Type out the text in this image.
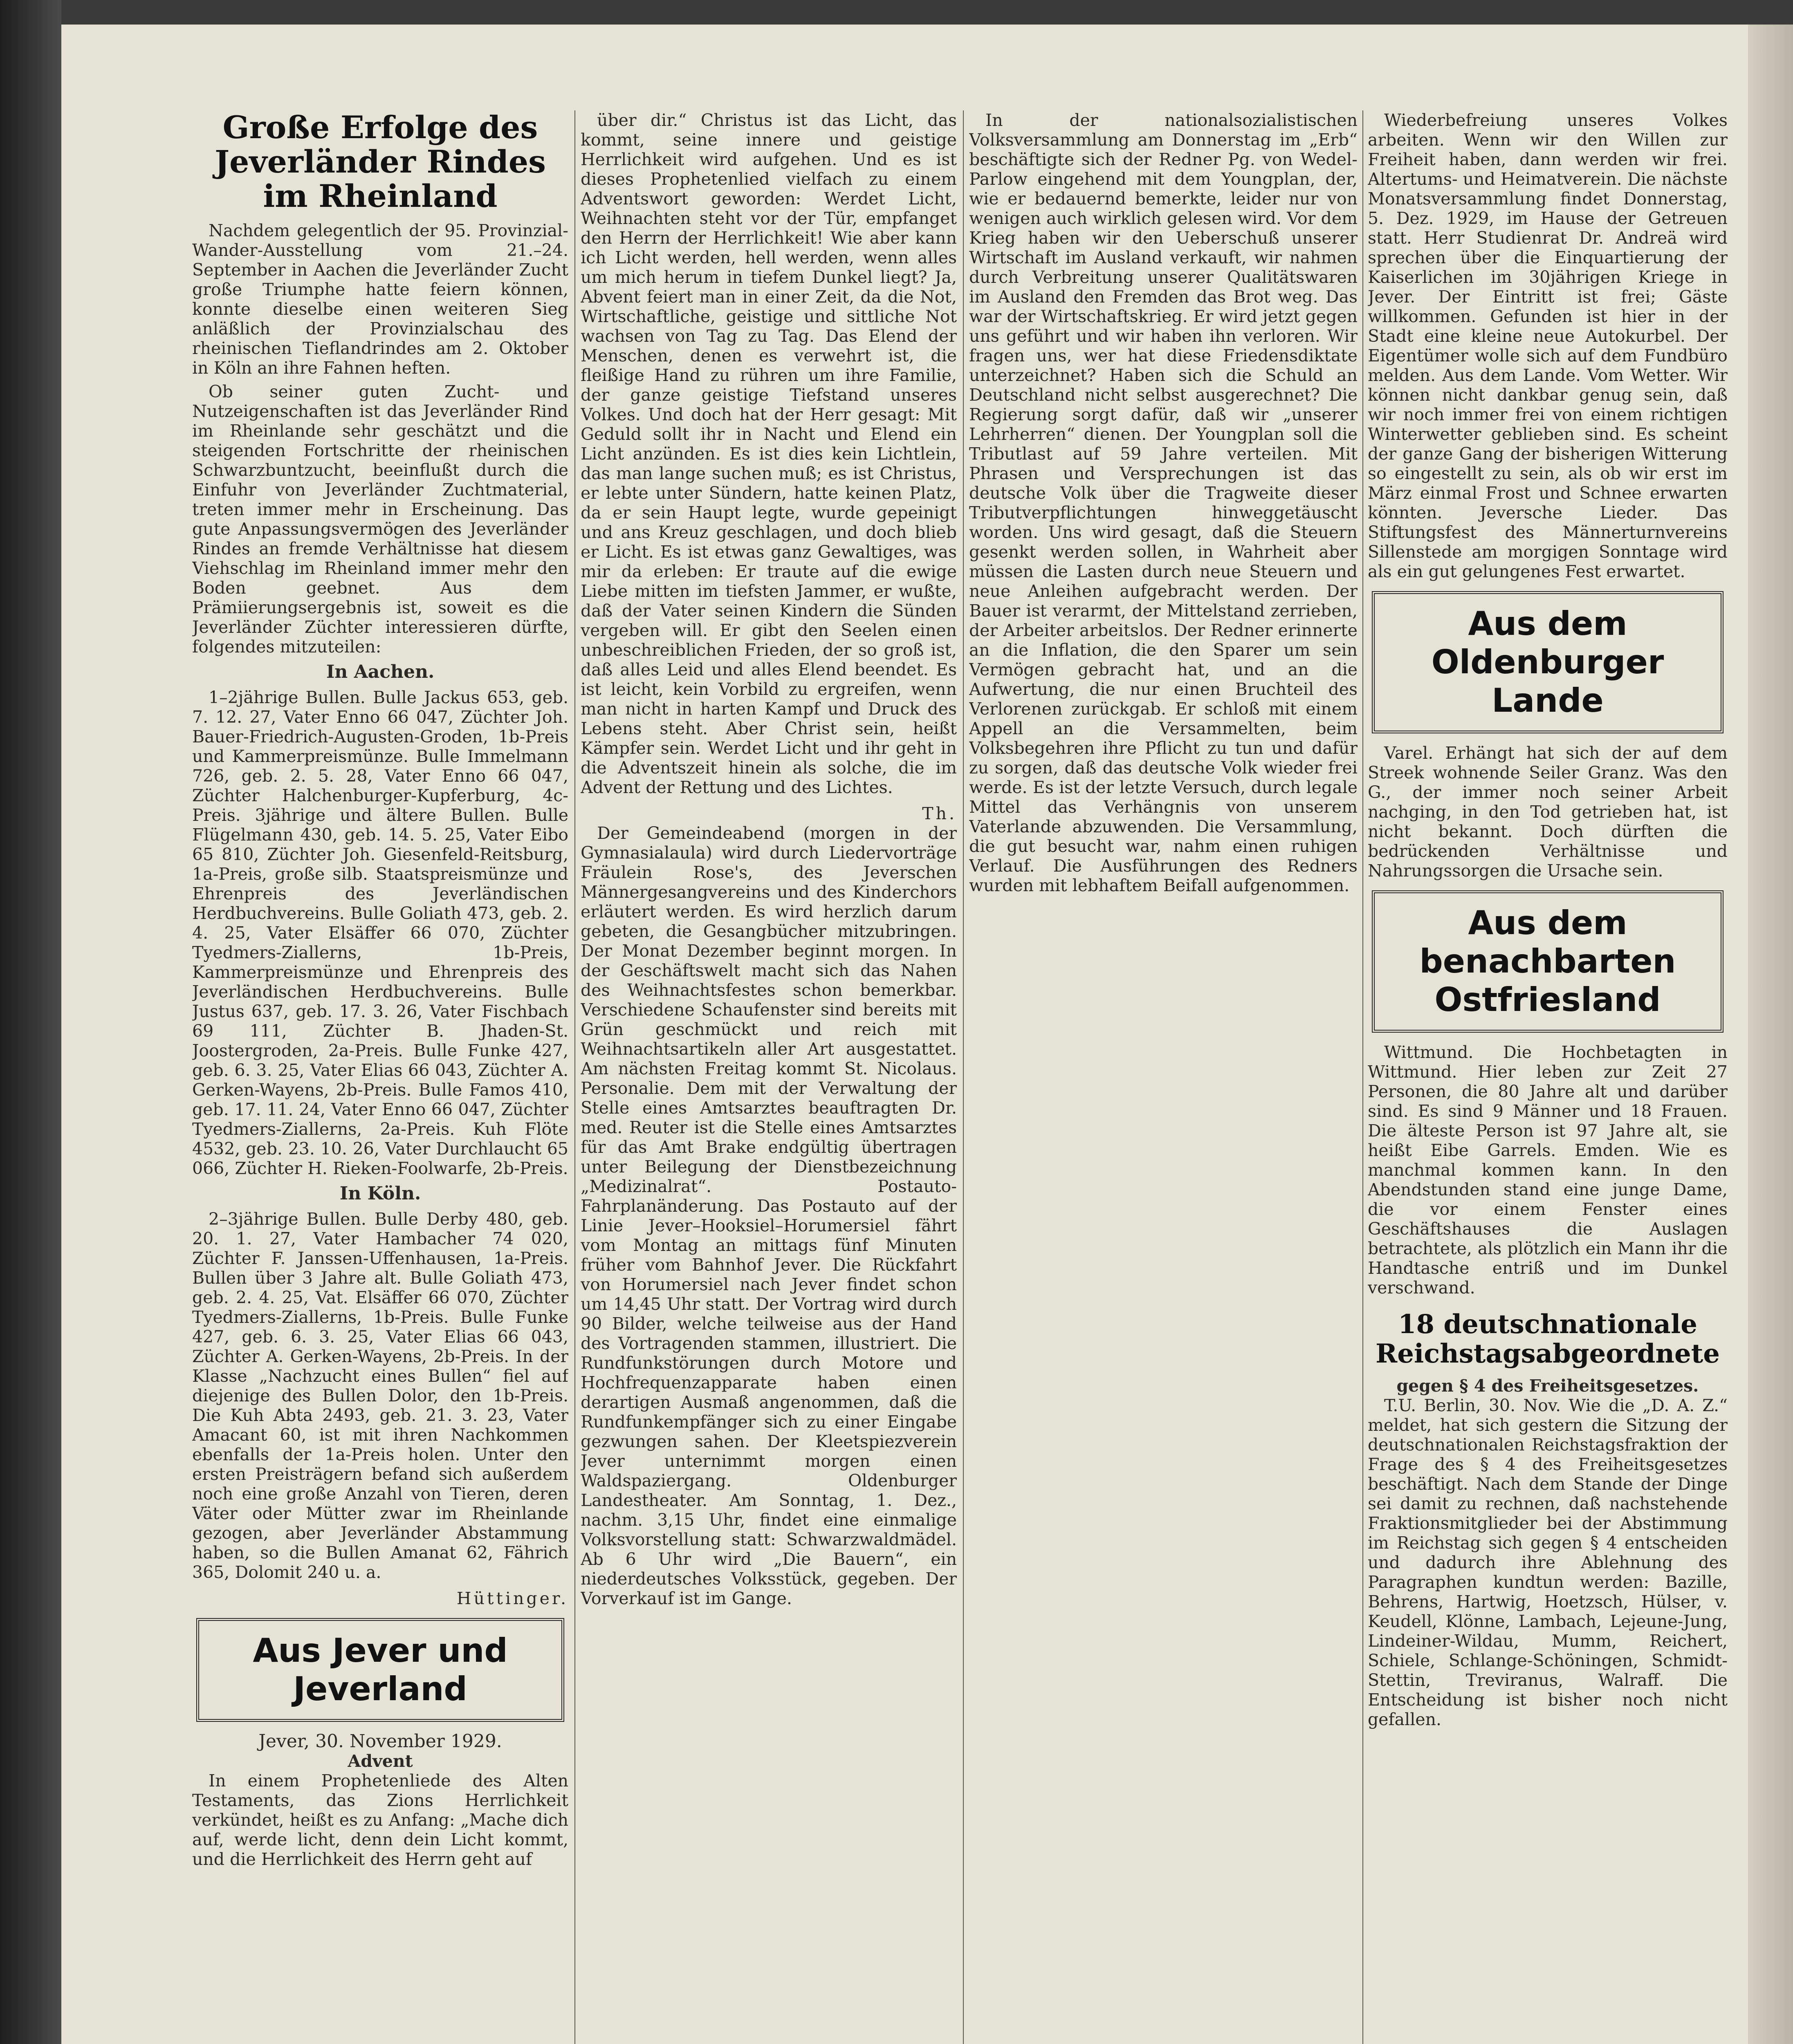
Große Erfolge des Jeverländer Rindes im Rheinland

Nachdem gelegentlich der 95. Provinzial-Wander-Ausstellung vom 21.–24. September in Aachen die Jeverländer Zucht große Triumphe hatte feiern können, konnte dieselbe einen weiteren Sieg anläßlich der Provinzialschau des rheinischen Tieflandrindes am 2. Oktober in Köln an ihre Fahnen heften.

Ob seiner guten Zucht- und Nutzeigenschaften ist das Jeverländer Rind im Rheinlande sehr geschätzt und die steigenden Fortschritte der rheinischen Schwarzbuntzucht, beeinflußt durch die Einfuhr von Jeverländer Zuchtmaterial, treten immer mehr in Erscheinung. Das gute Anpassungsvermögen des Jeverländer Rindes an fremde Verhältnisse hat diesem Viehschlag im Rheinland immer mehr den Boden geebnet. Aus dem Prämiierungsergebnis ist, soweit es die Jeverländer Züchter interessieren dürfte, folgendes mitzuteilen:

In Aachen.

1–2jährige Bullen. Bulle Jackus 653, geb. 7. 12. 27, Vater Enno 66 047, Züchter Joh. Bauer-Friedrich-Augusten-Groden, 1b-Preis und Kammerpreismünze. Bulle Immelmann 726, geb. 2. 5. 28, Vater Enno 66 047, Züchter Halchenburger-Kupferburg, 4c-Preis. 3jährige und ältere Bullen. Bulle Flügelmann 430, geb. 14. 5. 25, Vater Eibo 65 810, Züchter Joh. Giesenfeld-Reitsburg, 1a-Preis, große silb. Staatspreismünze und Ehrenpreis des Jeverländischen Herdbuchvereins. Bulle Goliath 473, geb. 2. 4. 25, Vater Elsäffer 66 070, Züchter Tyedmers-Ziallerns, 1b-Preis, Kammerpreismünze und Ehrenpreis des Jeverländischen Herdbuchvereins. Bulle Justus 637, geb. 17. 3. 26, Vater Fischbach 69 111, Züchter B. Jhaden-St. Joostergroden, 2a-Preis. Bulle Funke 427, geb. 6. 3. 25, Vater Elias 66 043, Züchter A. Gerken-Wayens, 2b-Preis. Bulle Famos 410, geb. 17. 11. 24, Vater Enno 66 047, Züchter Tyedmers-Ziallerns, 2a-Preis. Kuh Flöte 4532, geb. 23. 10. 26, Vater Durchlaucht 65 066, Züchter H. Rieken-Foolwarfe, 2b-Preis.

In Köln.

2–3jährige Bullen. Bulle Derby 480, geb. 20. 1. 27, Vater Hambacher 74 020, Züchter F. Janssen-Uffenhausen, 1a-Preis. Bullen über 3 Jahre alt. Bulle Goliath 473, geb. 2. 4. 25, Vat. Elsäffer 66 070, Züchter Tyedmers-Ziallerns, 1b-Preis. Bulle Funke 427, geb. 6. 3. 25, Vater Elias 66 043, Züchter A. Gerken-Wayens, 2b-Preis. In der Klasse „Nachzucht eines Bullen“ fiel auf diejenige des Bullen Dolor, den 1b-Preis. Die Kuh Abta 2493, geb. 21. 3. 23, Vater Amacant 60, ist mit ihren Nachkommen ebenfalls der 1a-Preis holen. Unter den ersten Preisträgern befand sich außerdem noch eine große Anzahl von Tieren, deren Väter oder Mütter zwar im Rheinlande gezogen, aber Jeverländer Abstammung haben, so die Bullen Amanat 62, Fährich 365, Dolomit 240 u. a.

Hüttinger.
Aus Jever und Jeverland
Jever, 30. November 1929.
Advent

In einem Prophetenliede des Alten Testaments, das Zions Herrlichkeit verkündet, heißt es zu Anfang: „Mache dich auf, werde licht, denn dein Licht kommt, und die Herrlichkeit des Herrn geht auf

über dir.“ Christus ist das Licht, das kommt, seine innere und geistige Herrlichkeit wird aufgehen. Und es ist dieses Prophetenlied vielfach zu einem Adventswort geworden: Werdet Licht, Weihnachten steht vor der Tür, empfanget den Herrn der Herrlichkeit! Wie aber kann ich Licht werden, hell werden, wenn alles um mich herum in tiefem Dunkel liegt? Ja, Abvent feiert man in einer Zeit, da die Not, Wirtschaftliche, geistige und sittliche Not wachsen von Tag zu Tag. Das Elend der Menschen, denen es verwehrt ist, die fleißige Hand zu rühren um ihre Familie, der ganze geistige Tiefstand unseres Volkes. Und doch hat der Herr gesagt: Mit Geduld sollt ihr in Nacht und Elend ein Licht anzünden. Es ist dies kein Lichtlein, das man lange suchen muß; es ist Christus, er lebte unter Sündern, hatte keinen Platz, da er sein Haupt legte, wurde gepeinigt und ans Kreuz geschlagen, und doch blieb er Licht. Es ist etwas ganz Gewaltiges, was mir da erleben: Er traute auf die ewige Liebe mitten im tiefsten Jammer, er wußte, daß der Vater seinen Kindern die Sünden vergeben will. Er gibt den Seelen einen unbeschreiblichen Frieden, der so groß ist, daß alles Leid und alles Elend beendet. Es ist leicht, kein Vorbild zu ergreifen, wenn man nicht in harten Kampf und Druck des Lebens steht. Aber Christ sein, heißt Kämpfer sein. Werdet Licht und ihr geht in die Adventszeit hinein als solche, die im Advent der Rettung und des Lichtes.

Th.

Der Gemeindeabend (morgen in der Gymnasialaula) wird durch Liedervorträge Fräulein Rose's, des Jeverschen Männergesangvereins und des Kinderchors erläutert werden. Es wird herzlich darum gebeten, die Gesangbücher mitzubringen. Der Monat Dezember beginnt morgen. In der Geschäftswelt macht sich das Nahen des Weihnachtsfestes schon bemerkbar. Verschiedene Schaufenster sind bereits mit Grün geschmückt und reich mit Weihnachtsartikeln aller Art ausgestattet. Am nächsten Freitag kommt St. Nicolaus. Personalie. Dem mit der Verwaltung der Stelle eines Amtsarztes beauftragten Dr. med. Reuter ist die Stelle eines Amtsarztes für das Amt Brake endgültig übertragen unter Beilegung der Dienstbezeichnung „Medizinalrat“. Postauto-Fahrplanänderung. Das Postauto auf der Linie Jever–Hooksiel–Horumersiel fährt vom Montag an mittags fünf Minuten früher vom Bahnhof Jever. Die Rückfahrt von Horumersiel nach Jever findet schon um 14,45 Uhr statt. Der Vortrag wird durch 90 Bilder, welche teilweise aus der Hand des Vortragenden stammen, illustriert. Die Rundfunkstörungen durch Motore und Hochfrequenzapparate haben einen derartigen Ausmaß angenommen, daß die Rundfunkempfänger sich zu einer Eingabe gezwungen sahen. Der Kleetspiezverein Jever unternimmt morgen einen Waldspaziergang. Oldenburger Landestheater. Am Sonntag, 1. Dez., nachm. 3,15 Uhr, findet eine einmalige Volksvorstellung statt: Schwarzwaldmädel. Ab 6 Uhr wird „Die Bauern“, ein niederdeutsches Volksstück, gegeben. Der Vorverkauf ist im Gange.

In der nationalsozialistischen Volksversammlung am Donnerstag im „Erb“ beschäftigte sich der Redner Pg. von Wedel-Parlow eingehend mit dem Youngplan, der, wie er bedauernd bemerkte, leider nur von wenigen auch wirklich gelesen wird. Vor dem Krieg haben wir den Ueberschuß unserer Wirtschaft im Ausland verkauft, wir nahmen durch Verbreitung unserer Qualitätswaren im Ausland den Fremden das Brot weg. Das war der Wirtschaftskrieg. Er wird jetzt gegen uns geführt und wir haben ihn verloren. Wir fragen uns, wer hat diese Friedensdiktate unterzeichnet? Haben sich die Schuld an Deutschland nicht selbst ausgerechnet? Die Regierung sorgt dafür, daß wir „unserer Lehrherren“ dienen. Der Youngplan soll die Tributlast auf 59 Jahre verteilen. Mit Phrasen und Versprechungen ist das deutsche Volk über die Tragweite dieser Tributverpflichtungen hinweggetäuscht worden. Uns wird gesagt, daß die Steuern gesenkt werden sollen, in Wahrheit aber müssen die Lasten durch neue Steuern und neue Anleihen aufgebracht werden. Der Bauer ist verarmt, der Mittelstand zerrieben, der Arbeiter arbeitslos. Der Redner erinnerte an die Inflation, die den Sparer um sein Vermögen gebracht hat, und an die Aufwertung, die nur einen Bruchteil des Verlorenen zurückgab. Er schloß mit einem Appell an die Versammelten, beim Volksbegehren ihre Pflicht zu tun und dafür zu sorgen, daß das deutsche Volk wieder frei werde. Es ist der letzte Versuch, durch legale Mittel das Verhängnis von unserem Vaterlande abzuwenden. Die Versammlung, die gut besucht war, nahm einen ruhigen Verlauf. Die Ausführungen des Redners wurden mit lebhaftem Beifall aufgenommen.

Wiederbefreiung unseres Volkes arbeiten. Wenn wir den Willen zur Freiheit haben, dann werden wir frei. Altertums- und Heimatverein. Die nächste Monatsversammlung findet Donnerstag, 5. Dez. 1929, im Hause der Getreuen statt. Herr Studienrat Dr. Andreä wird sprechen über die Einquartierung der Kaiserlichen im 30jährigen Kriege in Jever. Der Eintritt ist frei; Gäste willkommen. Gefunden ist hier in der Stadt eine kleine neue Autokurbel. Der Eigentümer wolle sich auf dem Fundbüro melden. Aus dem Lande. Vom Wetter. Wir können nicht dankbar genug sein, daß wir noch immer frei von einem richtigen Winterwetter geblieben sind. Es scheint der ganze Gang der bisherigen Witterung so eingestellt zu sein, als ob wir erst im März einmal Frost und Schnee erwarten könnten. Jeversche Lieder. Das Stiftungsfest des Männerturnvereins Sillenstede am morgigen Sonntage wird als ein gut gelungenes Fest erwartet.

Aus dem Oldenburger Lande

Varel. Erhängt hat sich der auf dem Streek wohnende Seiler Granz. Was den G., der immer noch seiner Arbeit nachging, in den Tod getrieben hat, ist nicht bekannt. Doch dürften die bedrückenden Verhältnisse und Nahrungssorgen die Ursache sein.

Aus dem benachbarten Ostfriesland

Wittmund. Die Hochbetagten in Wittmund. Hier leben zur Zeit 27 Personen, die 80 Jahre alt und darüber sind. Es sind 9 Männer und 18 Frauen. Die älteste Person ist 97 Jahre alt, sie heißt Eibe Garrels. Emden. Wie es manchmal kommen kann. In den Abendstunden stand eine junge Dame, die vor einem Fenster eines Geschäftshauses die Auslagen betrachtete, als plötzlich ein Mann ihr die Handtasche entriß und im Dunkel verschwand.

18 deutschnationale Reichstagsabgeordnete
gegen § 4 des Freiheitsgesetzes.

T.U. Berlin, 30. Nov. Wie die „D. A. Z.“ meldet, hat sich gestern die Sitzung der deutschnationalen Reichstagsfraktion der Frage des § 4 des Freiheitsgesetzes beschäftigt. Nach dem Stande der Dinge sei damit zu rechnen, daß nachstehende Fraktionsmitglieder bei der Abstimmung im Reichstag sich gegen § 4 entscheiden und dadurch ihre Ablehnung des Paragraphen kundtun werden: Bazille, Behrens, Hartwig, Hoetzsch, Hülser, v. Keudell, Klönne, Lambach, Lejeune-Jung, Lindeiner-Wildau, Mumm, Reichert, Schiele, Schlange-Schöningen, Schmidt-Stettin, Treviranus, Walraff. Die Entscheidung ist bisher noch nicht gefallen.
